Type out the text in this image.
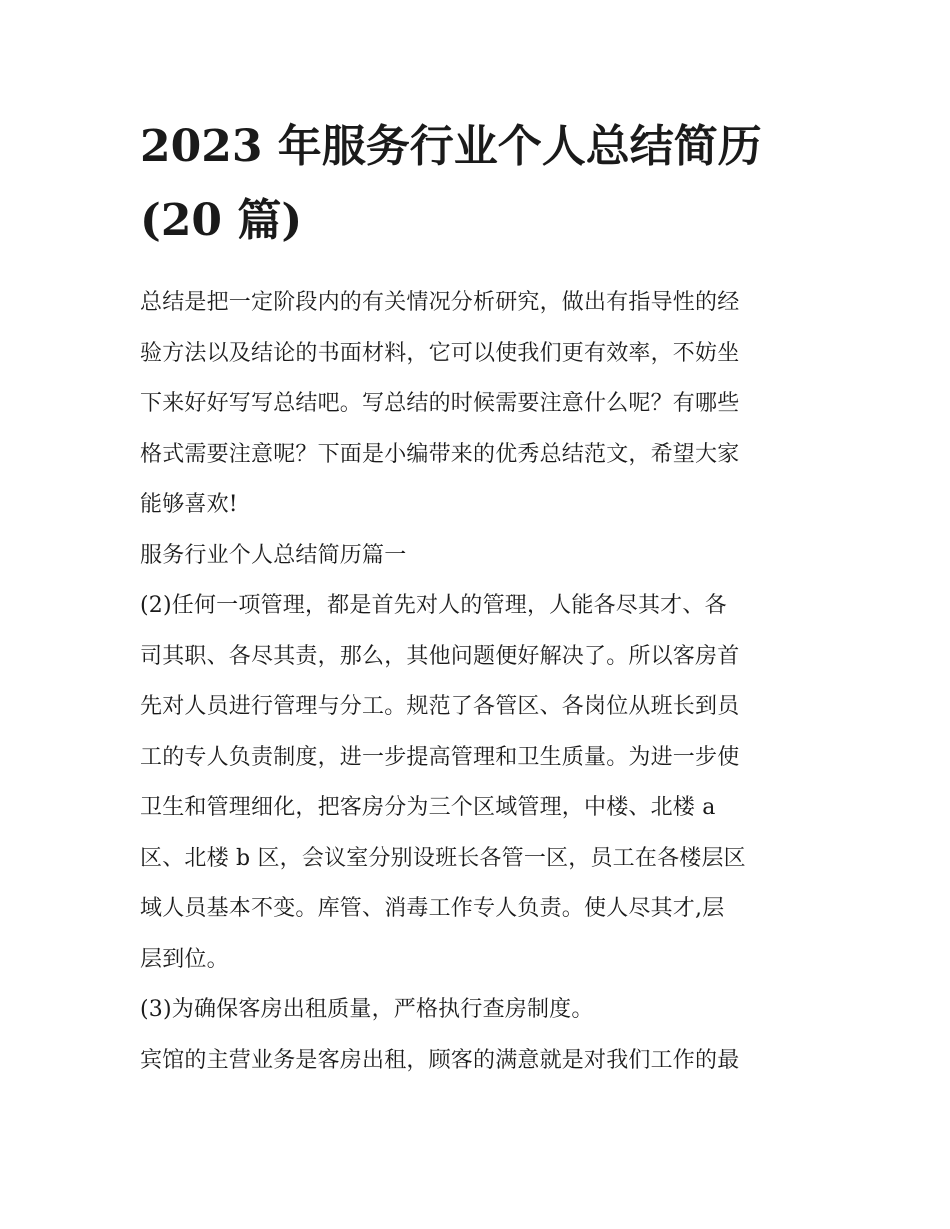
2023 年服务行业个人总结简历
(20 篇)

总结是把一定阶段内的有关情况分析研究，做出有指导性的经

验方法以及结论的书面材料，它可以使我们更有效率，不妨坐

下来好好写写总结吧。写总结的时候需要注意什么呢？有哪些

格式需要注意呢？下面是小编带来的优秀总结范文，希望大家

能够喜欢!

服务行业个人总结简历篇一

(2)任何一项管理，都是首先对人的管理，人能各尽其才、各

司其职、各尽其责，那么，其他问题便好解决了。所以客房首

先对人员进行管理与分工。规范了各管区、各岗位从班长到员

工的专人负责制度，进一步提高管理和卫生质量。为进一步使

卫生和管理细化，把客房分为三个区域管理，中楼、北楼 a

区、北楼 b 区，会议室分别设班长各管一区，员工在各楼层区

域人员基本不变。库管、消毒工作专人负责。使人尽其才,层

层到位。

(3)为确保客房出租质量，严格执行查房制度。

宾馆的主营业务是客房出租，顾客的满意就是对我们工作的最
